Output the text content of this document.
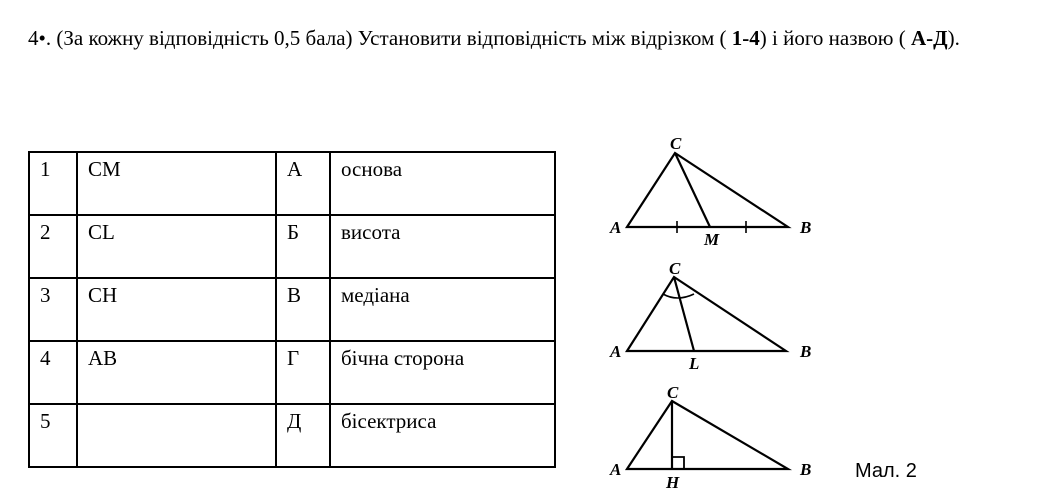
4•. (За кожну відповідність 0,5 бала) Установити відповідність між відрізком ( 1-4) і його назвою ( А-Д).
1	CM	А	основа
2	CL	Б	висота
3	CH	В	медіана
4	AB	Г	бічна сторона
5		Д	бісектриса
C
A	B
M
C
A	B
L
C
A	B
H
Мал. 2
